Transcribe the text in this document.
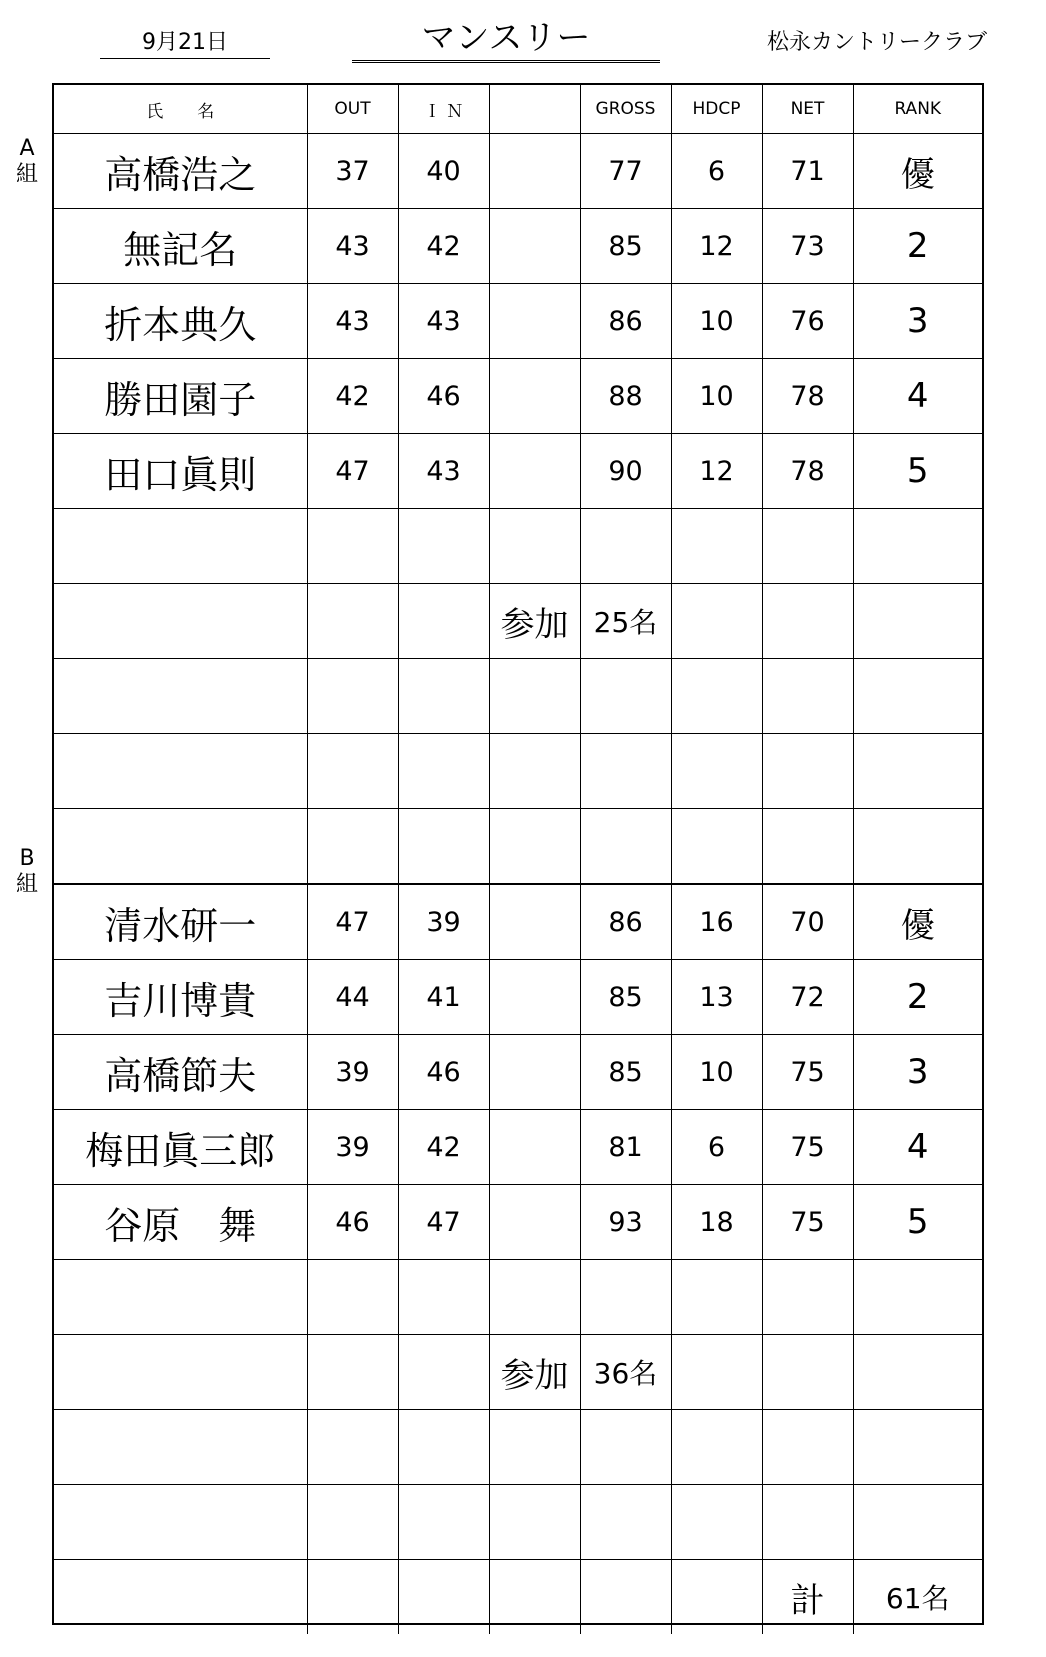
9月21日	マンスリー	松永カントリークラブ
A
組
B
組
氏　　名	OUT	Ｉ Ｎ		GROSS	HDCP	NET	RANK
高橋浩之	37	40		77	6	71	優
無記名	43	42		85	12	73	2
折本典久	43	43		86	10	76	3
勝田園子	42	46		88	10	78	4
田口眞則	47	43		90	12	78	5

			参加	25名			

清水研一	47	39		86	16	70	優
吉川博貴	44	41		85	13	72	2
高橋節夫	39	46		85	10	75	3
梅田眞三郎	39	42		81	6	75	4
谷原　舞	46	47		93	18	75	5

			参加	36名			

						計	61名
